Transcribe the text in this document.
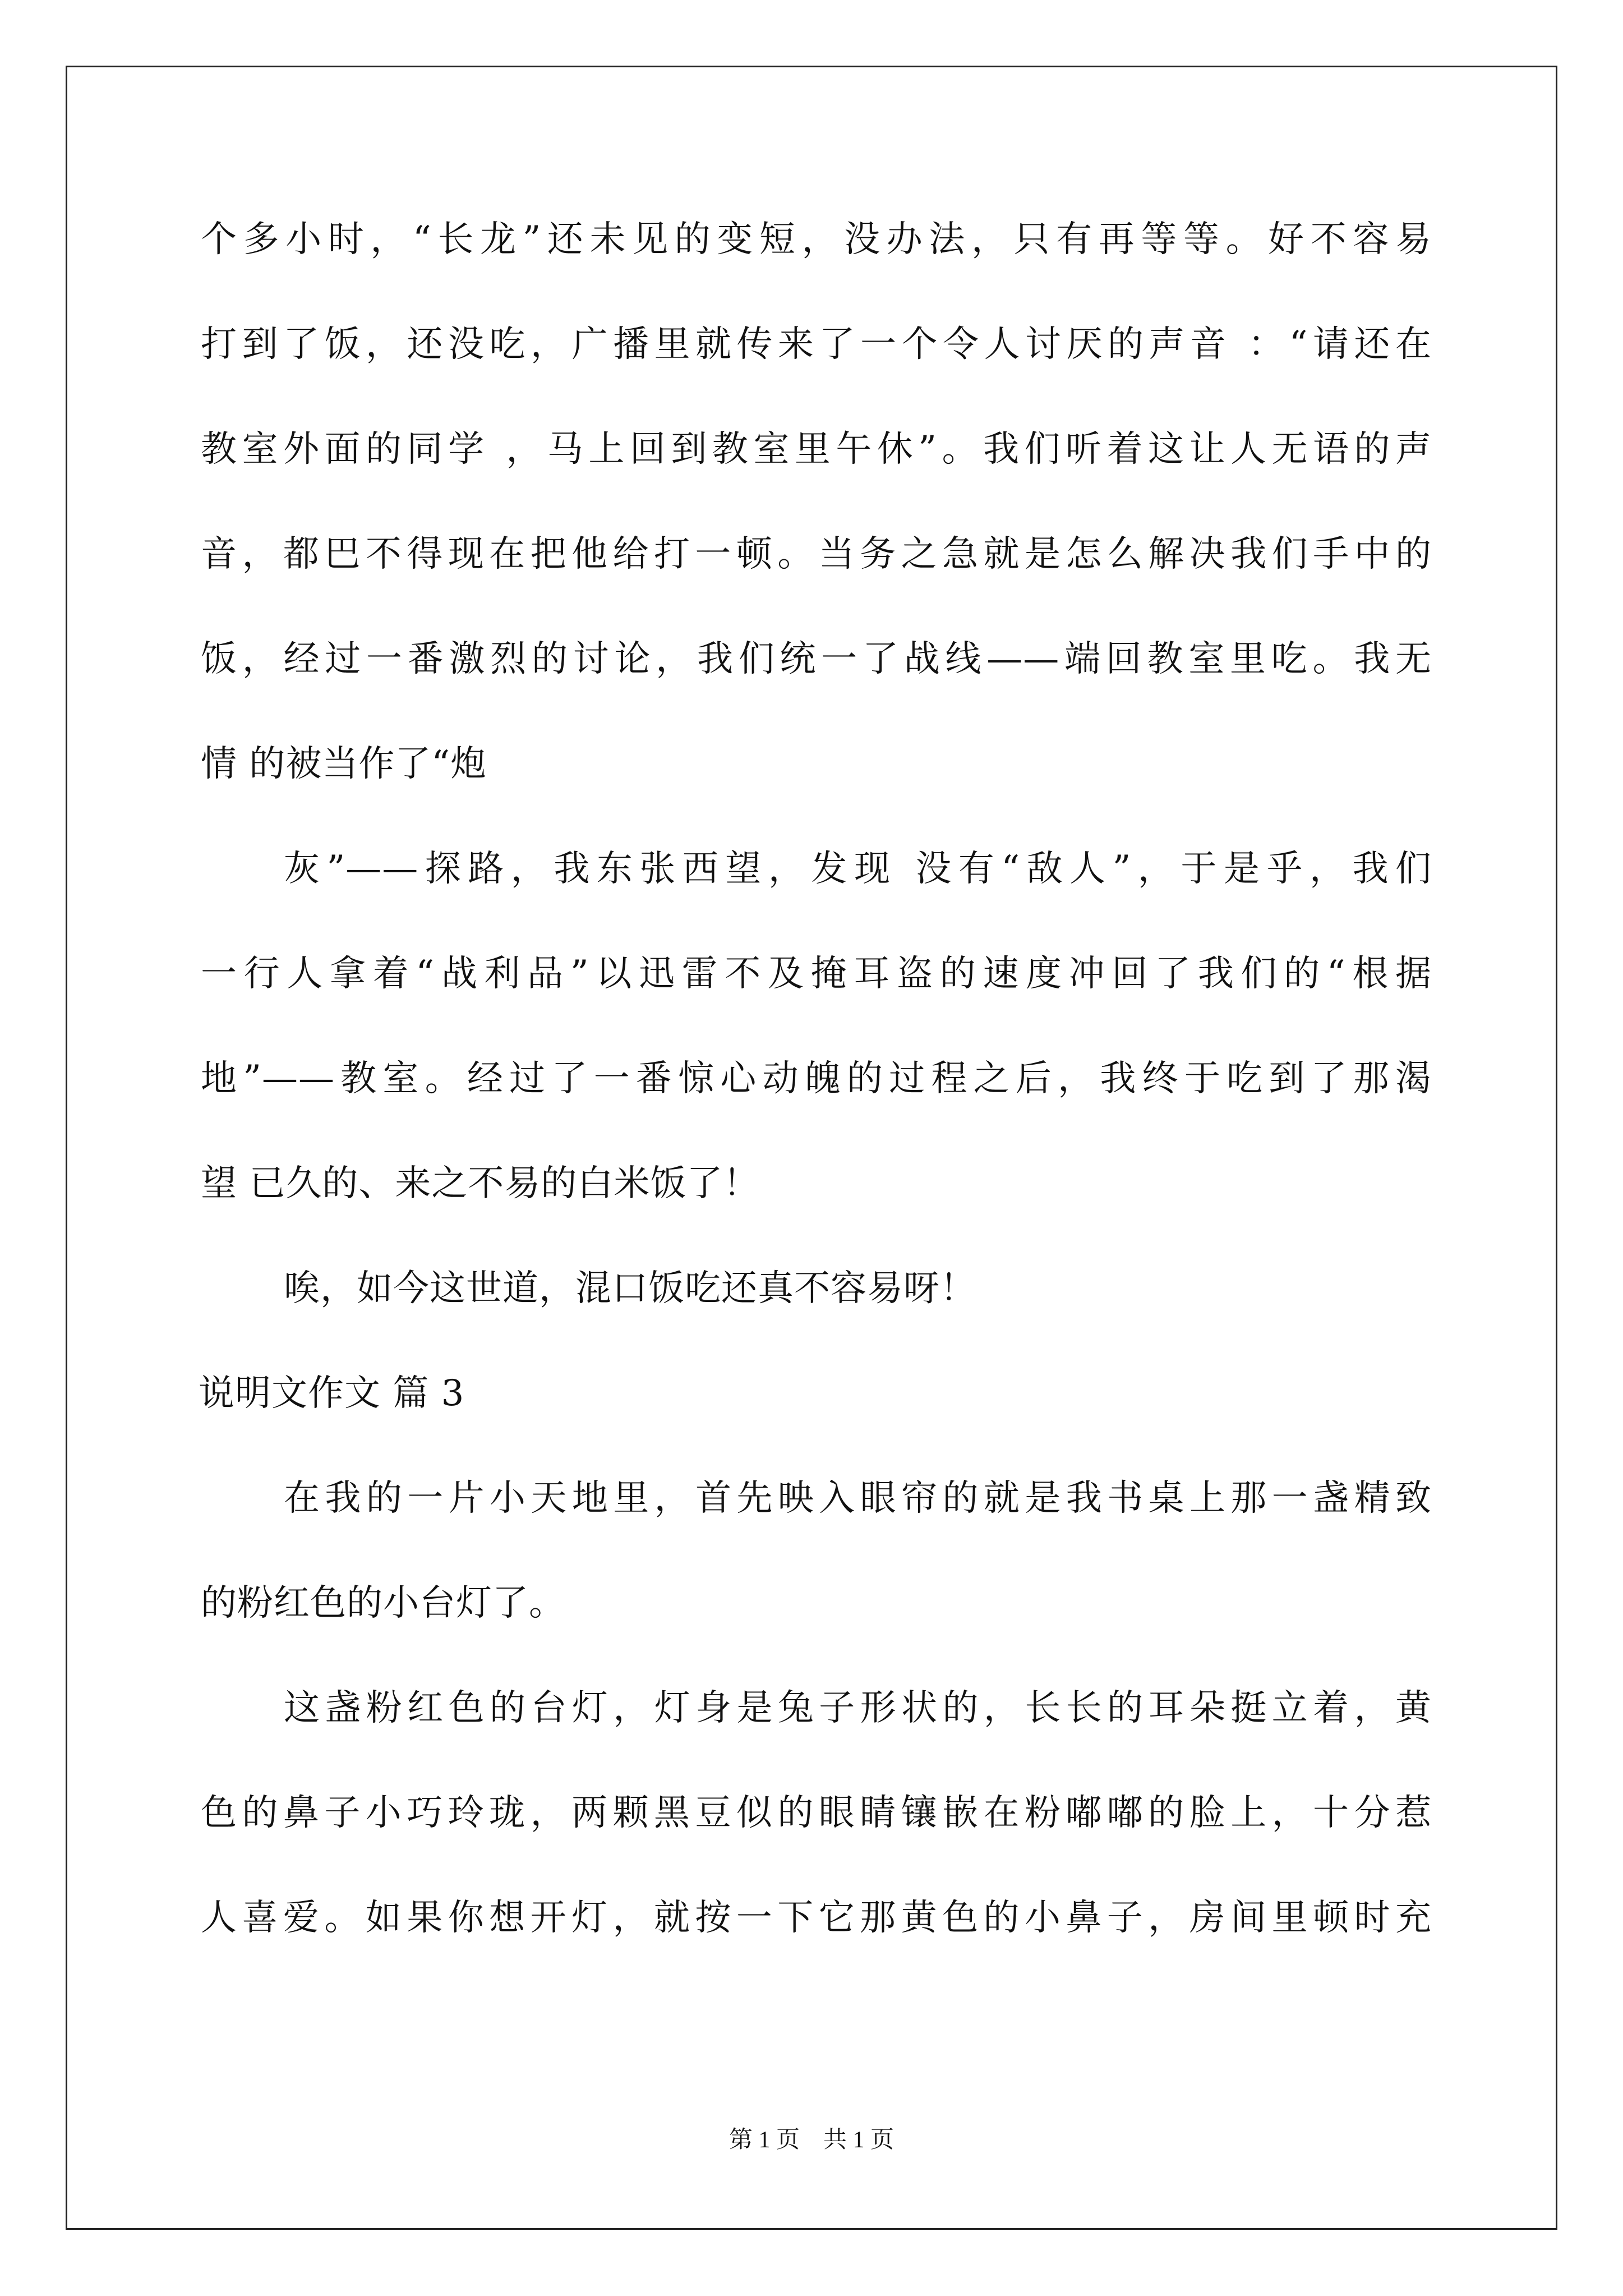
个多小时，“长龙”还未见的变短，没办法，只有再等等。好不容易
打到了饭，还没吃，广播里就传来了一个令人讨厌的声音 ：“请还在
教室外面的同学 ，马上回到教室里午休”。我们听着这让人无语的声
音，都巴不得现在把他给打一顿。当务之急就是怎么解决我们手中的
饭，经过一番激烈的讨论，我们统一了战线——端回教室里吃。我无
情 的被当作了“炮
灰”——探路，我东张西望，发现 没有“敌人”，于是乎，我们
一行人拿着“战利品”以迅雷不及掩耳盗的速度冲回了我们的“根据
地”——教室。经过了一番惊心动魄的过程之后，我终于吃到了那渴
望 已久的、来之不易的白米饭了！
唉，如今这世道，混口饭吃还真不容易呀！
说明文作文 篇 3
在我的一片小天地里，首先映入眼帘的就是我书桌上那一盏精致
的粉红色的小台灯了。
这盏粉红色的台灯，灯身是兔子形状的，长长的耳朵挺立着，黄
色的鼻子小巧玲珑，两颗黑豆似的眼睛镶嵌在粉嘟嘟的脸上，十分惹
人喜爱。如果你想开灯，就按一下它那黄色的小鼻子，房间里顿时充
第 1 页　共 1 页
